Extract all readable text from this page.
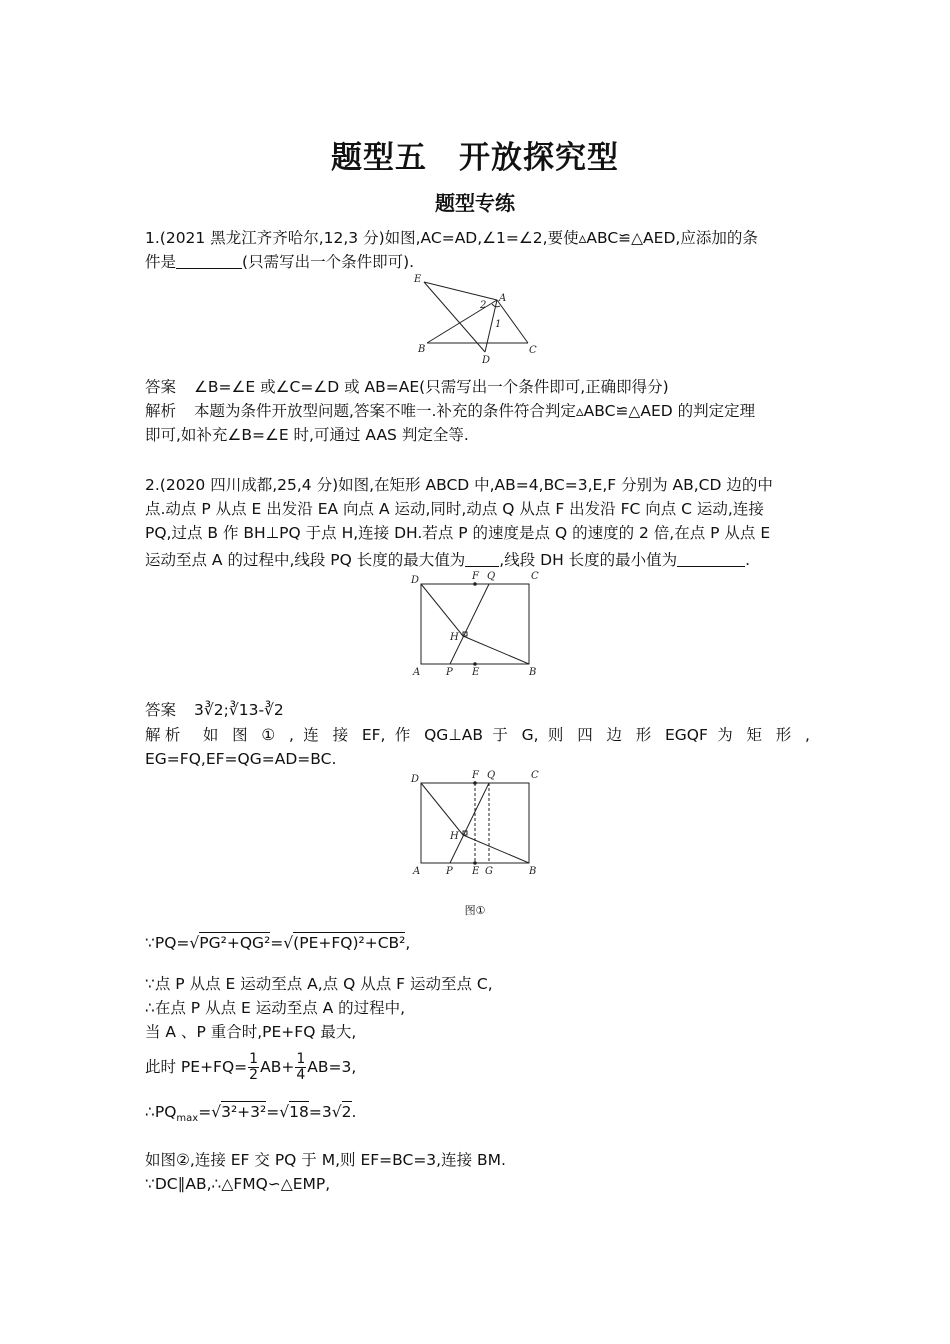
题型五　开放探究型
题型专练
1.(2021 黑龙江齐齐哈尔,12,3 分)如图,AC=AD,∠1=∠2,要使▵ABC≌△AED,应添加的条
件是	(只需写出一个条件即可).
E
A
B
D
C
2
1
答案 ∠B=∠E 或∠C=∠D 或 AB=AE(只需写出一个条件即可,正确即得分)
解析 本题为条件开放型问题,答案不唯一.补充的条件符合判定▵ABC≌△AED 的判定定理
即可,如补充∠B=∠E 时,可通过 AAS 判定全等.
2.(2020 四川成都,25,4 分)如图,在矩形 ABCD 中,AB=4,BC=3,E,F 分别为 AB,CD 边的中
点.动点 P 从点 E 出发沿 EA 向点 A 运动,同时,动点 Q 从点 F 出发沿 FC 向点 C 运动,连接
PQ,过点 B 作 BH⊥PQ 于点 H,连接 DH.若点 P 的速度是点 Q 的速度的 2 倍,在点 P 从点 E
运动至点 A 的过程中,线段 PQ 长度的最大值为 ,线段 DH 长度的最小值为	.
D	F Q	C
H
A	P E	B
答案 3∛2;∛13-∛2
解析 如 图 ① , 连 接 EF, 作 QG⊥AB 于 G, 则 四 边 形 EGQF 为 矩 形 ,
EG=FQ,EF=QG=AD=BC.
D	F Q	C
H
A	P E G	B
图①
∵PQ=√PG²+QG²=√(PE+FQ)²+CB²,
∵点 P 从点 E 运动至点 A,点 Q 从点 F 运动至点 C,
∴在点 P 从点 E 运动至点 A 的过程中,
当 A 、P 重合时,PE+FQ 最大,
此时 $PE+FQ= \frac{1}{2} AB+ \frac{1}{4} AB=3$,
$\therefore PQ_{max}=√3^2+3^2=√18=3√2$.
如图②,连接 EF 交 PQ 于 M,则 EF=BC=3,连接 BM.
∵DC∥AB,∴△FMQ∽△EMP,
